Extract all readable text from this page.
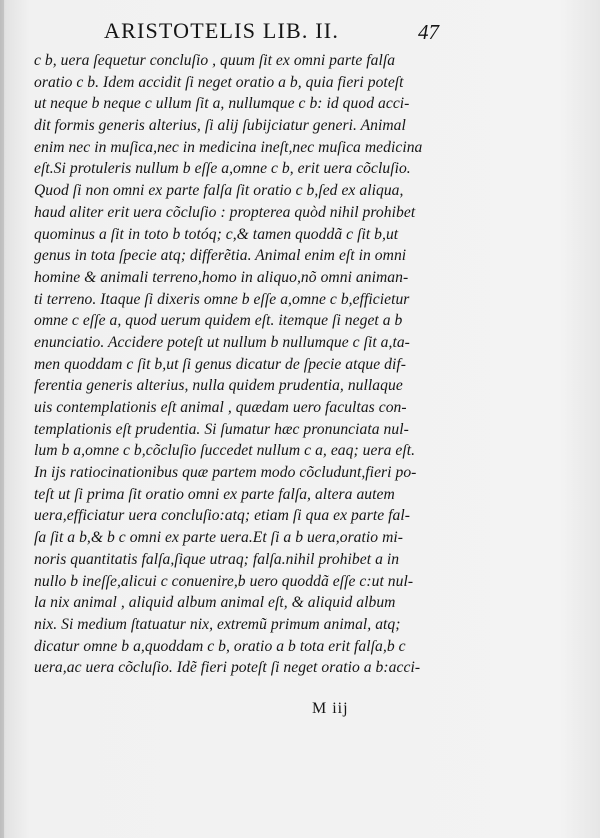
ARISTOTELIS LIB. II.	47
c b, uera ſequetur concluſio , quum ſit ex omni parte falſa
oratio c b. Idem accidit ſi neget oratio a b, quia fieri poteſt
ut neque b neque c ullum ſit a, nullumque c b: id quod acci-
dit formis generis alterius, ſi alij ſubijciatur generi. Animal
enim nec in muſica,nec in medicina ineſt,nec muſica medicina
eſt.Si protuleris nullum b eſſe a,omne c b, erit uera cõcluſio.
Quod ſi non omni ex parte falſa ſit oratio c b,ſed ex aliqua,
haud aliter erit uera cõcluſio : propterea quòd nihil prohibet
quominus a ſit in toto b totóq; c,& tamen quoddã c ſit b,ut
genus in tota ſpecie atq; differẽtia. Animal enim eſt in omni
homine & animali terreno,homo in aliquo,nõ omni animan-
ti terreno. Itaque ſi dixeris omne b eſſe a,omne c b,efficietur
omne c eſſe a, quod uerum quidem eſt. itemque ſi neget a b
enunciatio. Accidere poteſt ut nullum b nullumque c ſit a,ta-
men quoddam c ſit b,ut ſi genus dicatur de ſpecie atque dif-
ferentia generis alterius, nulla quidem prudentia, nullaque
uis contemplationis eſt animal , quædam uero facultas con-
templationis eſt prudentia. Si ſumatur hæc pronunciata nul-
lum b a,omne c b,cõcluſio ſuccedet nullum c a, eaq; uera eſt.
In ijs ratiocinationibus quæ partem modo cõcludunt,fieri po-
teſt ut ſi prima ſit oratio omni ex parte falſa, altera autem
uera,efficiatur uera concluſio:atq; etiam ſi qua ex parte fal-
ſa ſit a b,& b c omni ex parte uera.Et ſi a b uera,oratio mi-
noris quantitatis falſa,ſique utraq; falſa.nihil prohibet a in
nullo b ineſſe,alicui c conuenire,b uero quoddã eſſe c:ut nul-
la nix animal , aliquid album animal eſt, & aliquid album
nix. Si medium ſtatuatur nix, extremũ primum animal, atq;
dicatur omne b a,quoddam c b, oratio a b tota erit falſa,b c
uera,ac uera cõcluſio. Idẽ fieri poteſt ſi neget oratio a b:acci-
M iij
